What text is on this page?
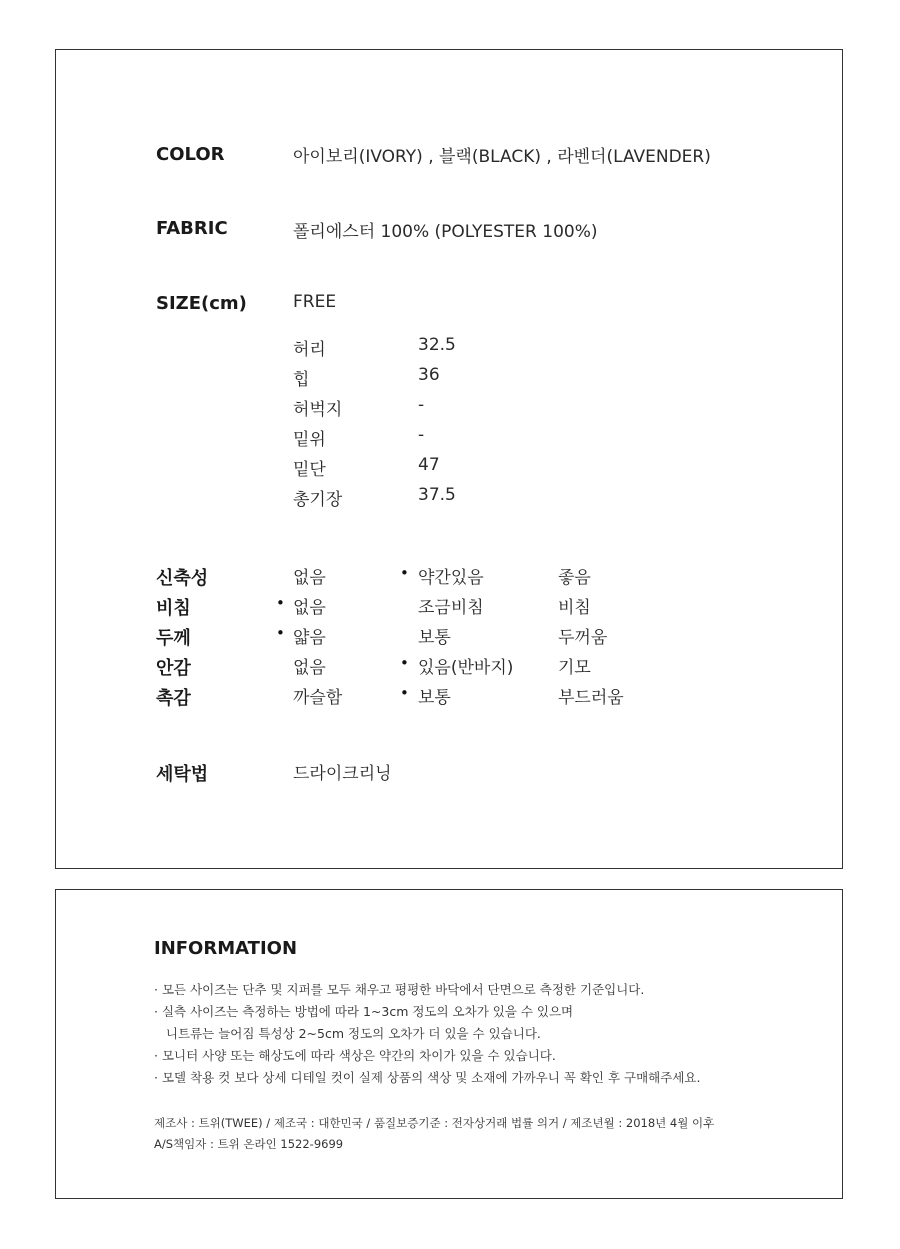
COLOR	아이보리(IVORY) , 블랙(BLACK) , 라벤더(LAVENDER)
FABRIC	폴리에스터 100% (POLYESTER 100%)
SIZE(cm)	FREE
허리	32.5
힙	36
허벅지	-
밑위	-
밑단	47
총기장	37.5
신축성	없음	• 약간있음	좋음
비침	• 없음	조금비침	비침
두께	• 얇음	보통	두꺼움
안감	없음	• 있음(반바지)	기모
촉감	까슬함	• 보통	부드러움
세탁법	드라이크리닝
INFORMATION
· 모든 사이즈는 단추 및 지퍼를 모두 채우고 평평한 바닥에서 단면으로 측정한 기준입니다.
· 실측 사이즈는 측정하는 방법에 따라 1~3cm 정도의 오차가 있을 수 있으며
니트류는 늘어짐 특성상 2~5cm 정도의 오차가 더 있을 수 있습니다.
· 모니터 사양 또는 해상도에 따라 색상은 약간의 차이가 있을 수 있습니다.
· 모델 착용 컷 보다 상세 디테일 컷이 실제 상품의 색상 및 소재에 가까우니 꼭 확인 후 구매해주세요.
제조사 : 트위(TWEE) / 제조국 : 대한민국 / 품질보증기준 : 전자상거래 법률 의거 / 제조년월 : 2018년 4월 이후
A/S책임자 : 트위 온라인 1522-9699
